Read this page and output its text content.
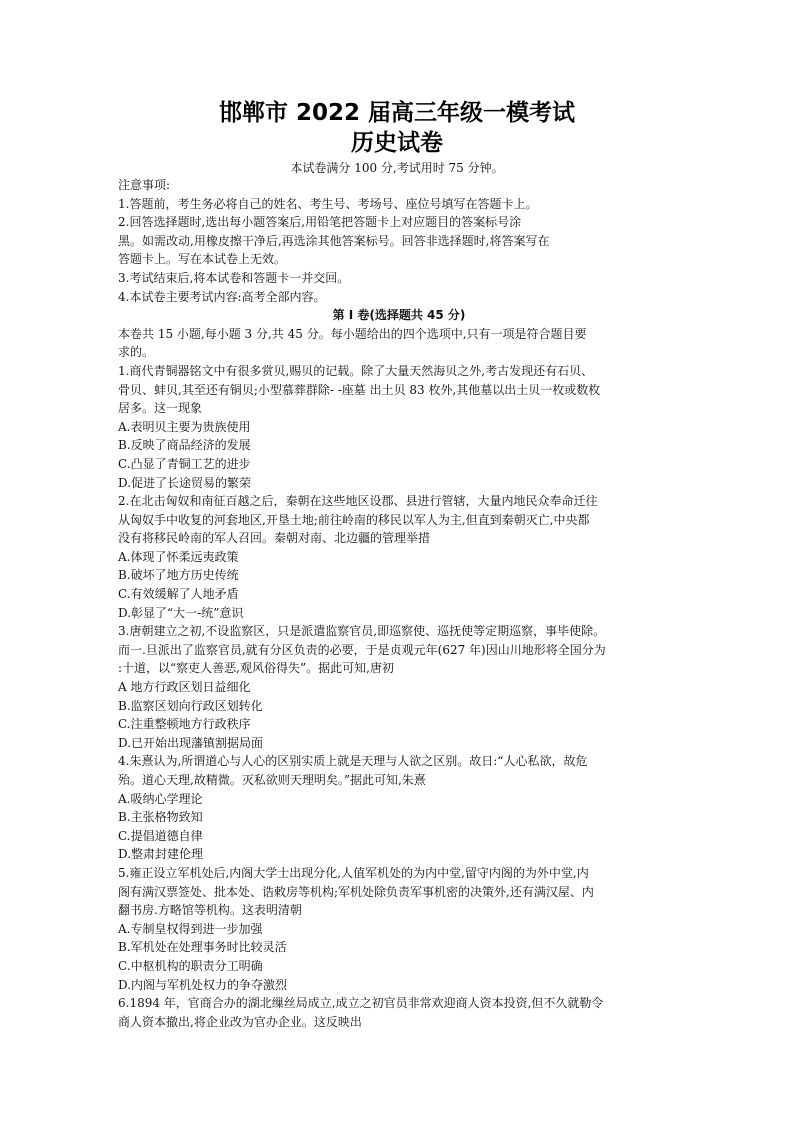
邯郸市 2022 届高三年级一模考试
历史试卷
本试卷满分 100 分,考试用时 75 分钟。
注意事项:
1.答题前，考生务必将自己的姓名、考生号、考场号、座位号填写在答题卡上。
2.回答选择题时,选出每小题答案后,用铅笔把答题卡上对应题目的答案标号涂
黑。如需改动,用橡皮擦干净后,再选涂其他答案标号。回答非选择题时,将答案写在
答题卡上。写在本试卷上无效。
3.考试结束后,将本试卷和答题卡一并交回。
4.本试卷主要考试内容:高考全部内容。
第 I 卷(选择题共 45 分)
本卷共 15 小题,每小题 3 分,共 45 分。每小题给出的四个选项中,只有一项是符合题目要
求的。
1.商代青铜器铭文中有很多赏贝,赐贝的记载。除了大量天然海贝之外,考古发现还有石贝、
骨贝、蚌贝,其至还有铜贝;小型慕葬群除- -座墓 出土贝 83 枚外,其他墓以出土贝一枚或数枚
居多。这一现象
A.表明贝主要为贵族使用
B.反映了商品经济的发展
C.凸显了青铜工艺的进步
D.促进了长途贸易的繁荣
2.在北击匈奴和南征百越之后，秦朝在这些地区设郡、县进行管辖，大量内地民众奉命迁往
从匈奴手中收复的河套地区,开垦土地;前往岭南的移民以军人为主,但直到秦朝灭亡,中央都
没有将移民岭南的军人召回。秦朝对南、北边疆的管理举措
A.体现了怀柔远夷政策
B.破坏了地方历史传统
C.有效缓解了人地矛盾
D.彰显了“大一-统”意识
3.唐朝建立之初,不设监察区，只是派遣监察官员,即巡察使、巡抚使等定期巡察，事毕使除。
而一.旦派出了监察官员,就有分区负责的必要，于是贞观元年(627 年)因山川地形将全国分为
:十道，以“察吏人善恶,观风俗得失”。据此可知,唐初
A 地方行政区划日益细化
B.监察区划向行政区划转化
C.注重整顿地方行政秩序
D.已开始出现藩镇割据局面
4.朱熹认为,所谓道心与人心的区别实质上就是天理与人欲之区别。故日:“人心私欲，故危
殆。道心天理,故精微。灭私欲则天理明矣。”据此可知,朱熹
A.吸纳心学理论
B.主张格物致知
C.提倡道德自律
D.整肃封建伦理
5.雍正设立军机处后,内阁大学士出现分化,人值军机处的为内中堂,留守内阁的为外中堂,内
阁有满汉票签处、批本处、诰敕房等机构;军机处除负责军事机密的决策外,还有满汉屋、内
翻书房.方略馆等机构。这表明清朝
A.专制皇权得到进一步加强
B.军机处在处理事务时比较灵活
C.中枢机构的职责分工明确
D.内阁与军机处权力的争夺激烈
6.1894 年，官商合办的湖北缫丝局成立,成立之初官员非常欢迎商人资本投资,但不久就勒令
商人资本撤出,将企业改为官办企业。这反映出
